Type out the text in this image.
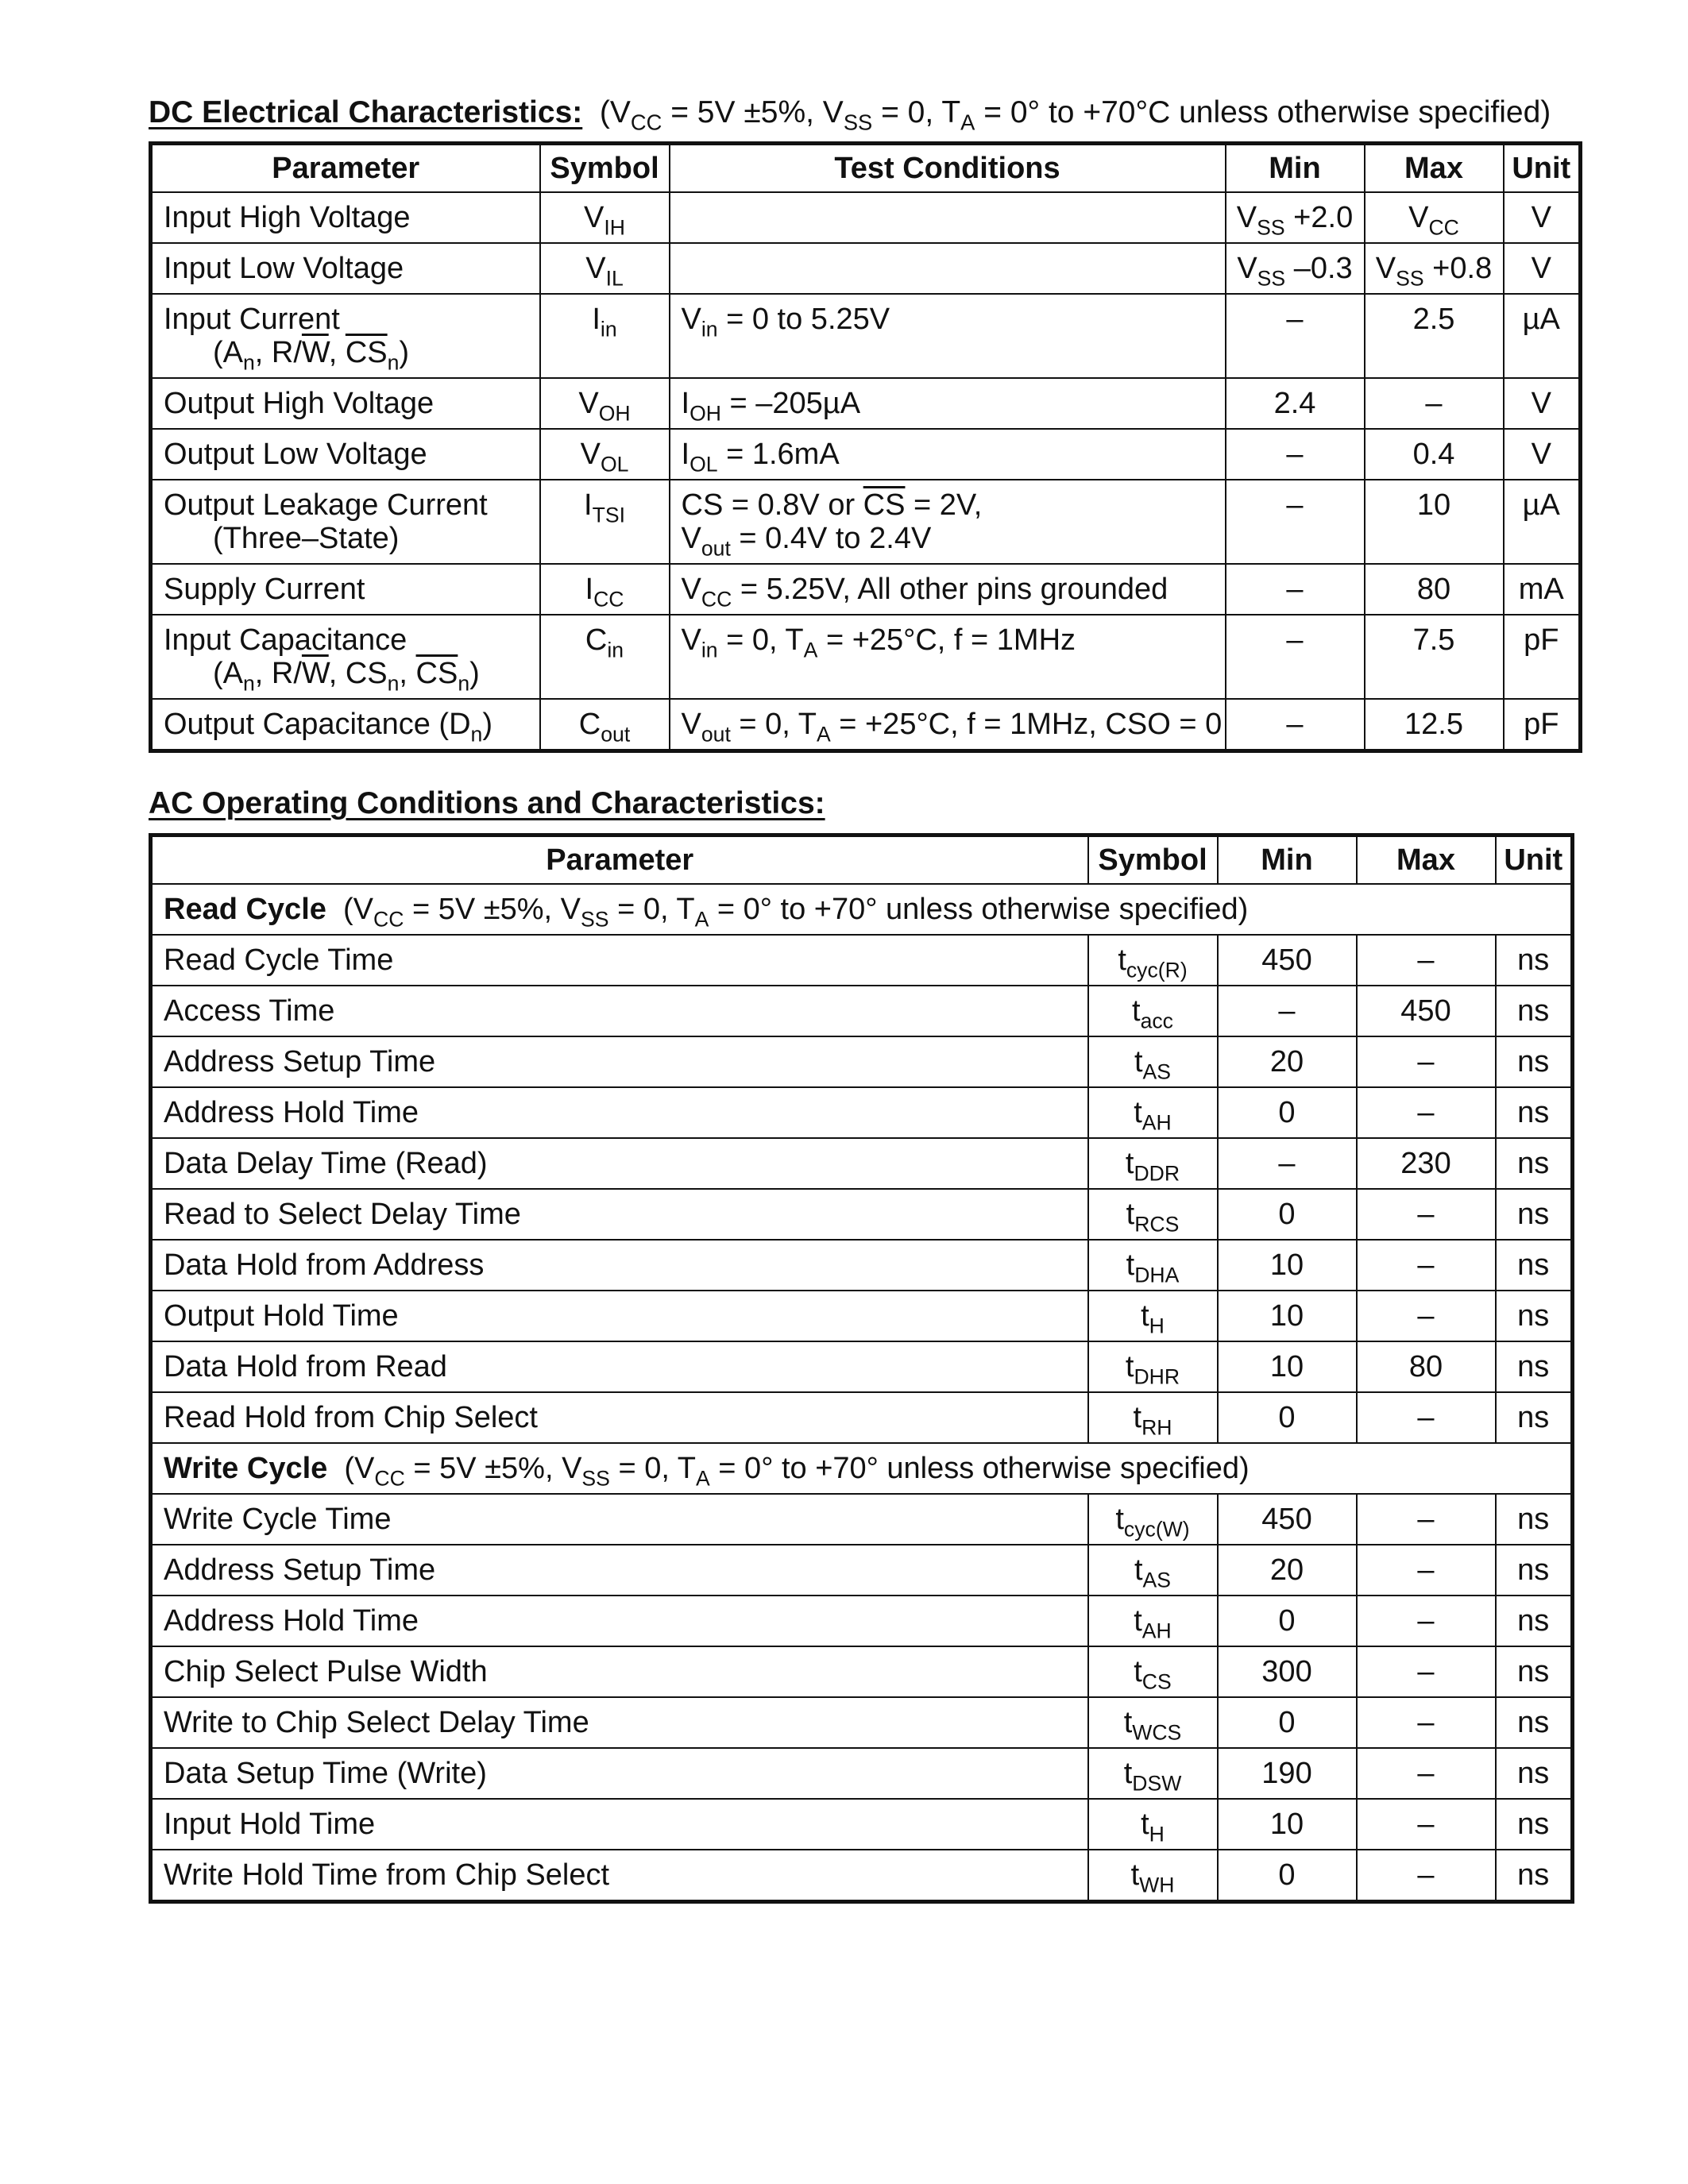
DC Electrical Characteristics: ($V_{CC} = 5V \pm 5\%$, $V_{SS} = 0$, $T_A = 0^\circ$ to +70°C unless otherwise specified)
Parameter	Symbol	Test Conditions	Min	Max	Unit
Input High Voltage	$V_{IH}$		$V_{SS} +2.0$	$V_{CC}$	V
Input Low Voltage	$V_{IL}$		$V_{SS}$ –0.3	$V_{SS} +0.8$	V
Input Current
($A_n$, $R/\overline{W}$, $\overline{CS}_n$)	$I_{in}$	$V_{in} = 0$ to 5.25V	–	2.5	µA
Output High Voltage	$V_{OH}$	$I_{OH} = -205\mu A$	2.4	–	V
Output Low Voltage	$V_{OL}$	$I_{OL} = 1.6mA$	–	0.4	V
Output Leakage Current
(Three–State)	$I_{TSI}$	CS = 0.8V or $\overline{CS} = 2V$,
$V_{out} = 0.4V$ to 2.4V	–	10	µA
Supply Current	$I_{CC}$	$V_{CC} = 5.25V$, All other pins grounded	–	80	mA
Input Capacitance
($A_n$, $R/\overline{W}$, $CS_n$, $\overline{CS}_n$)	$C_{in}$	$V_{in} = 0$, $T_A = +25^\circ C$, f = 1MHz	–	7.5	pF
Output Capacitance $(D_n)$	$C_{out}$	$V_{out} = 0$, $T_A = +25^\circ C$, f = 1MHz, CSO = 0	–	12.5	pF
AC Operating Conditions and Characteristics:
Parameter	Symbol	Min	Max	Unit
Read Cycle ($V_{CC} = 5V \pm 5\%$, $V_{SS} = 0$, $T_A = 0^\circ$ to +70° unless otherwise specified)				
Read Cycle Time	$t_{cyc(R)}$	450	–	ns
Access Time	$t_{acc}$	–	450	ns
Address Setup Time	$t_{AS}$	20	–	ns
Address Hold Time	$t_{AH}$	0	–	ns
Data Delay Time (Read)	$t_{DDR}$	–	230	ns
Read to Select Delay Time	$t_{RCS}$	0	–	ns
Data Hold from Address	$t_{DHA}$	10	–	ns
Output Hold Time	$t_H$	10	–	ns
Data Hold from Read	$t_{DHR}$	10	80	ns
Read Hold from Chip Select	$t_{RH}$	0	–	ns
Write Cycle ($V_{CC} = 5V \pm 5\%$, $V_{SS} = 0$, $T_A = 0^\circ$ to +70° unless otherwise specified)				
Write Cycle Time	$t_{cyc(W)}$	450	–	ns
Address Setup Time	$t_{AS}$	20	–	ns
Address Hold Time	$t_{AH}$	0	–	ns
Chip Select Pulse Width	$t_{CS}$	300	–	ns
Write to Chip Select Delay Time	$t_{WCS}$	0	–	ns
Data Setup Time (Write)	$t_{DSW}$	190	–	ns
Input Hold Time	$t_H$	10	–	ns
Write Hold Time from Chip Select	$t_{WH}$	0	–	ns
